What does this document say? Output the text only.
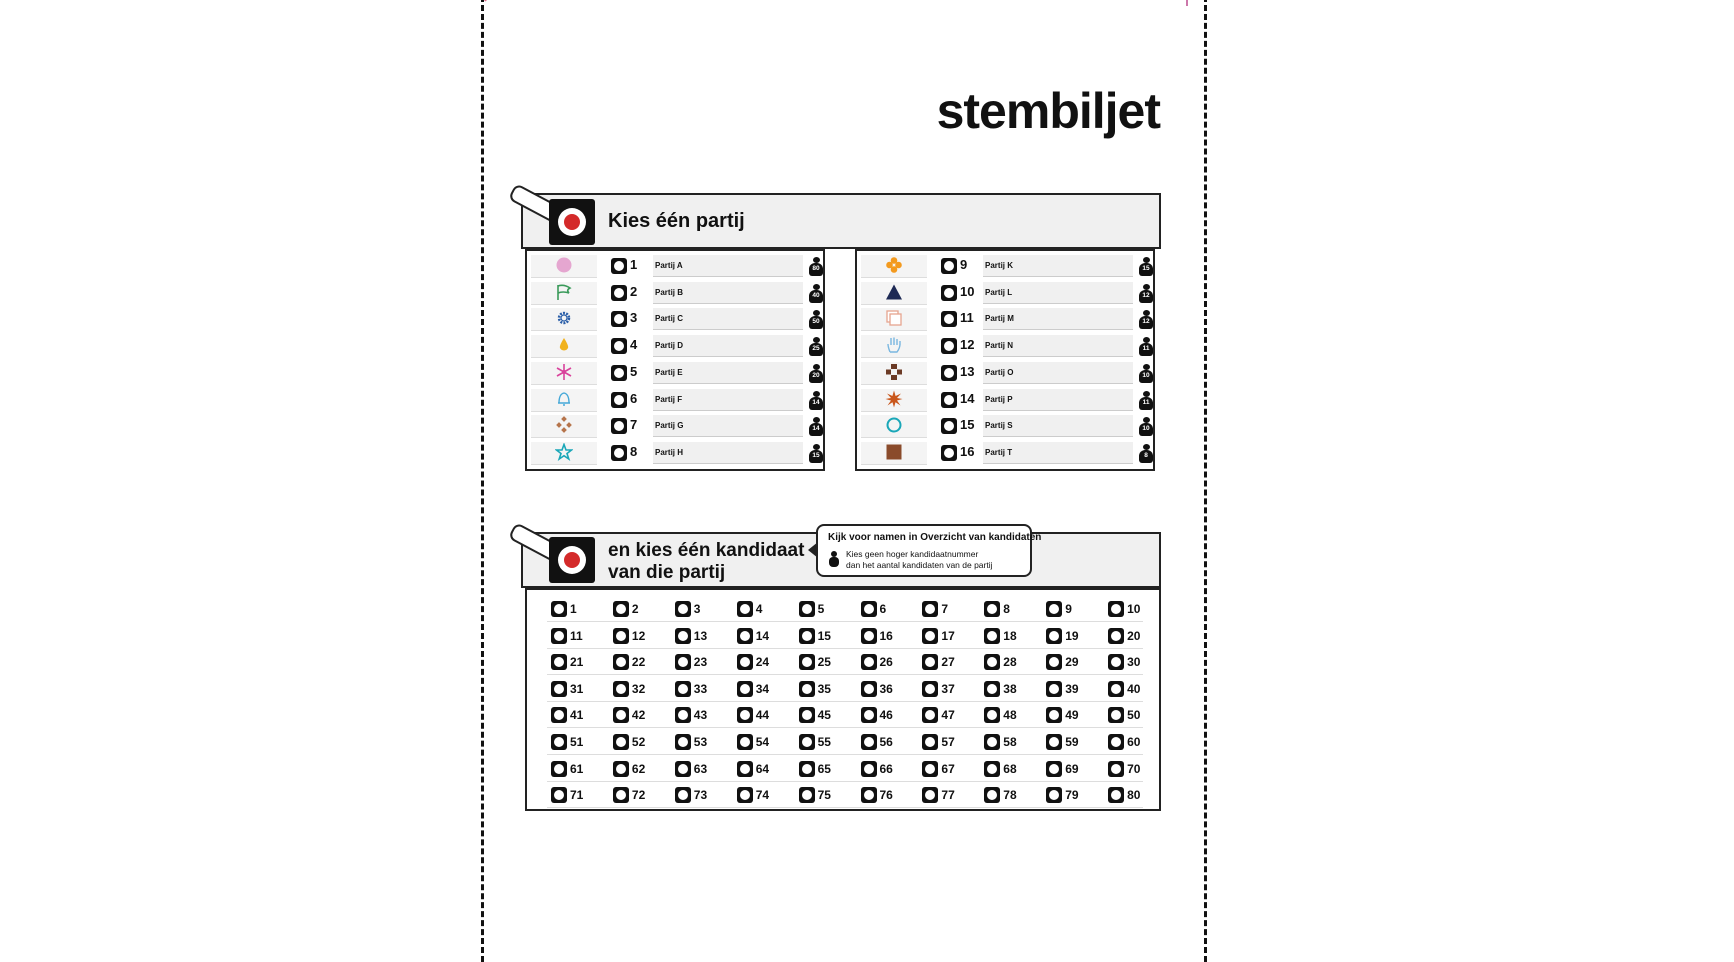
stembiljet
Kies één partij
1 Partij A	80
2 Partij B	40
3 Partij C	50
4 Partij D	25
5 Partij E	20
6 Partij F	14
7 Partij G	14
8 Partij H	15
9 Partij K	15
10 Partij L	12
11 Partij M	12
12 Partij N	11
13 Partij O	10
14 Partij P	11
15 Partij S	10
16 Partij T	8
en kies één kandidaat
van die partij
Kijk voor namen in Overzicht van kandidaten
Kies geen hoger kandidaatnummer
dan het aantal kandidaten van de partij
1	2	3	4	5	6	7	8	9	10
11	12	13	14	15	16	17	18	19	20
21	22	23	24	25	26	27	28	29	30
31	32	33	34	35	36	37	38	39	40
41	42	43	44	45	46	47	48	49	50
51	52	53	54	55	56	57	58	59	60
61	62	63	64	65	66	67	68	69	70
71	72	73	74	75	76	77	78	79	80
